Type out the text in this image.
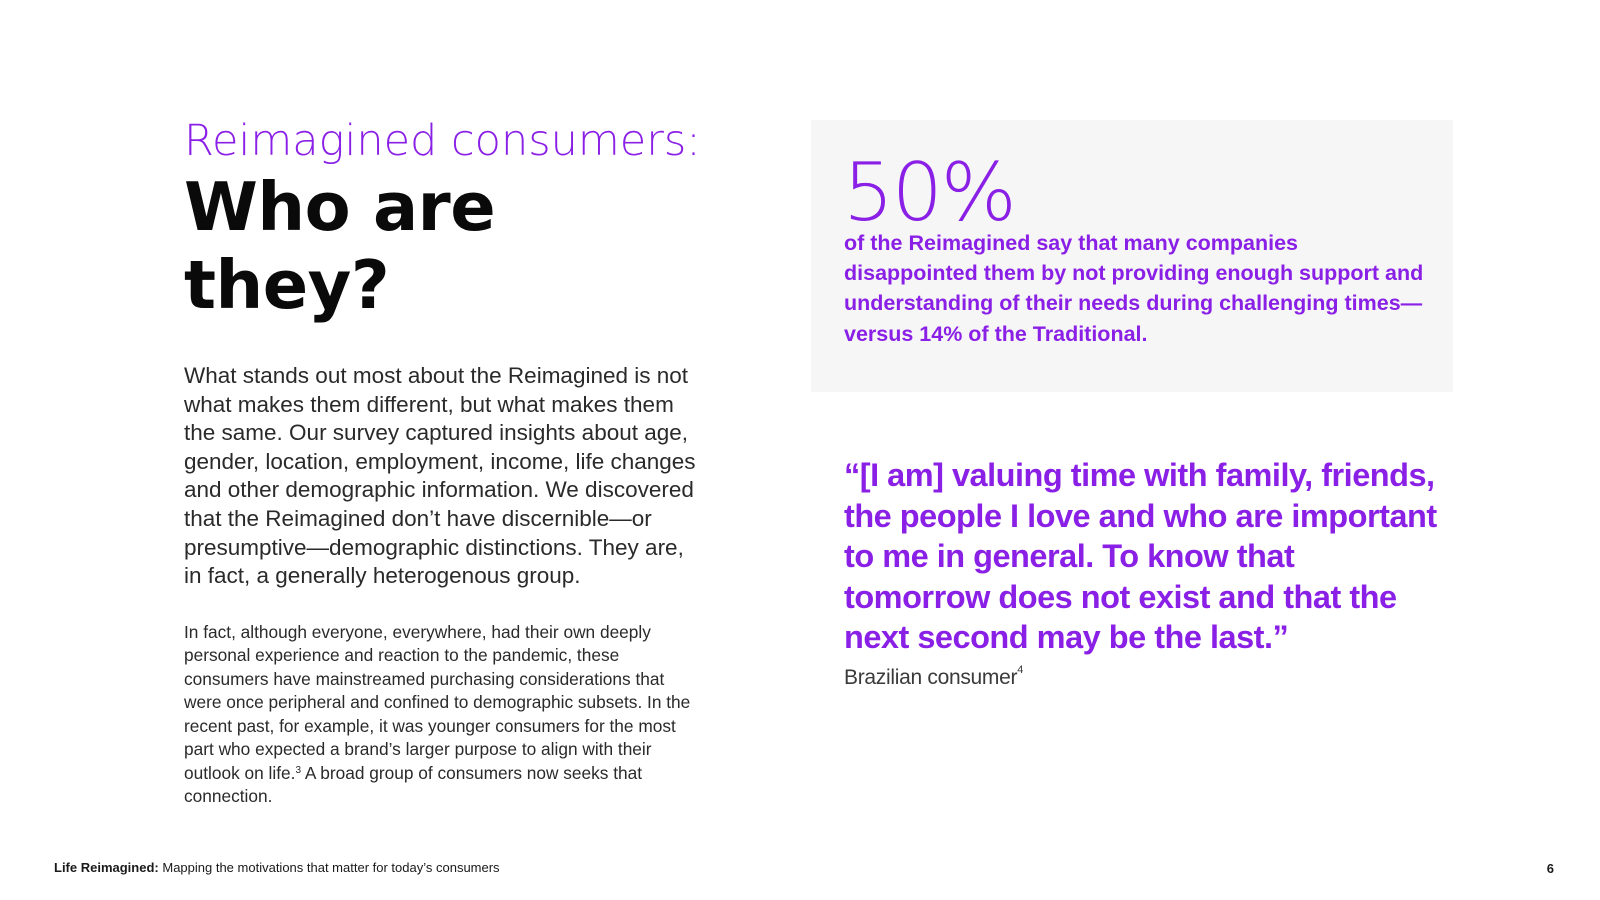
Reimagined consumers:

Who are they?
What stands out most about the Reimagined is not what makes them different, but what makes them the same. Our survey captured insights about age, gender, location, employment, income, life changes and other demographic information. We discovered that the Reimagined don’t have discernible—or presumptive—demographic distinctions. They are, in fact, a generally heterogenous group.
In fact, although everyone, everywhere, had their own deeply personal experience and reaction to the pandemic, these consumers have mainstreamed purchasing considerations that were once peripheral and confined to demographic subsets. In the recent past, for example, it was younger consumers for the most part who expected a brand’s larger purpose to align with their outlook on life.$^3$ A broad group of consumers now seeks that connection.
50%
of the Reimagined say that many companies disappointed them by not providing enough support and understanding of their needs during challenging times—versus 14% of the Traditional.

“[I am] valuing time with family, friends, the people I love and who are important to me in general. To know that tomorrow does not exist and that the next second may be the last.”

Brazilian consumer$^4$
Life Reimagined: Mapping the motivations that matter for today’s consumers	6
